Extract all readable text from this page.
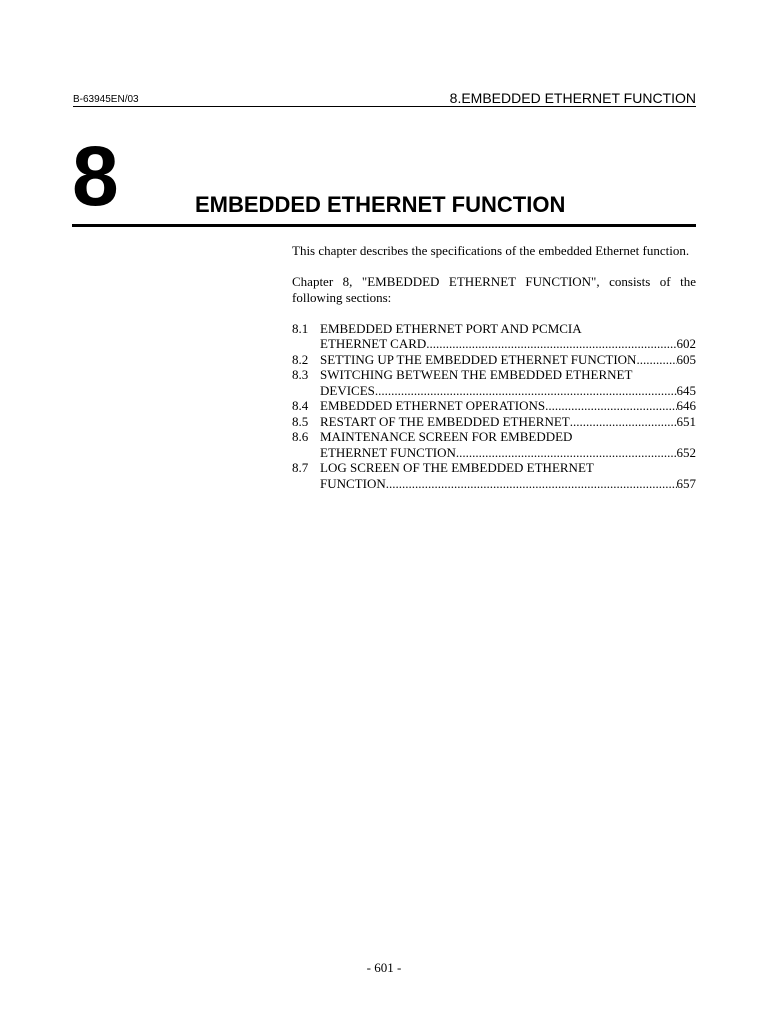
B-63945EN/03	8.EMBEDDED ETHERNET FUNCTION
8	EMBEDDED ETHERNET FUNCTION

This chapter describes the specifications of the embedded Ethernet function.

Chapter 8, "EMBEDDED ETHERNET FUNCTION", consists of the following sections:

8.1 EMBEDDED ETHERNET PORT AND PCMCIA
ETHERNET CARD .....	602
8.2 SETTING UP THE EMBEDDED ETHERNET FUNCTION .....	605
8.3 SWITCHING BETWEEN THE EMBEDDED ETHERNET
DEVICES .....	645
8.4 EMBEDDED ETHERNET OPERATIONS .....	646
8.5 RESTART OF THE EMBEDDED ETHERNET .....	651
8.6 MAINTENANCE SCREEN FOR EMBEDDED
ETHERNET FUNCTION .....	652
8.7 LOG SCREEN OF THE EMBEDDED ETHERNET
FUNCTION .....	657
- 601 -
